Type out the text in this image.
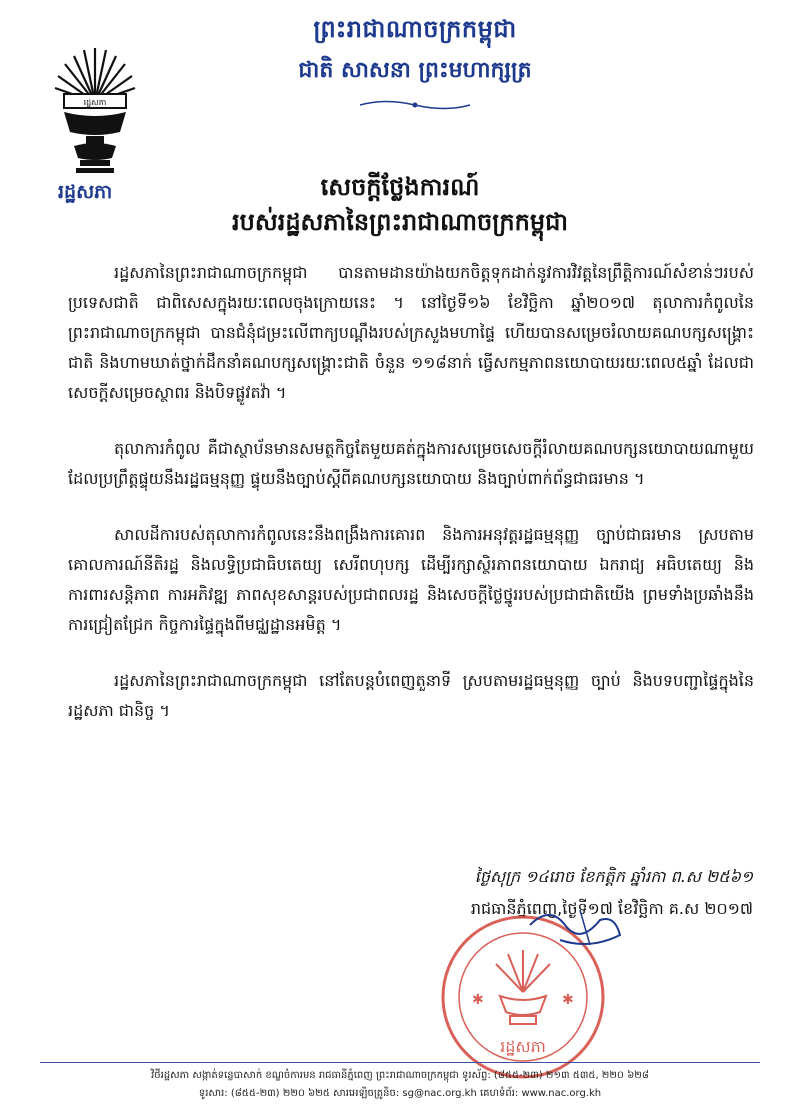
រដ្ឋសភា
រដ្ឋសភា
ព្រះរាជាណាចក្រកម្ពុជា
ជាតិ សាសនា ព្រះមហាក្សត្រ
សេចក្តីថ្លែងការណ៍
របស់រដ្ឋសភានៃព្រះរាជាណាចក្រកម្ពុជា

រដ្ឋសភានៃព្រះរាជាណាចក្រកម្ពុជា បានតាមដានយ៉ាងយកចិត្តទុកដាក់នូវការវិវត្តនៃព្រឹត្តិការណ៍សំខាន់ៗរបស់ប្រទេសជាតិ ជាពិសេសក្នុងរយៈពេលចុងក្រោយនេះ ។ នៅថ្ងៃទី១៦ ខែវិច្ឆិកា ឆ្នាំ២០១៧ តុលាការកំពូលនៃព្រះរាជាណាចក្រកម្ពុជា បានជំនុំជម្រះលើពាក្យបណ្តឹងរបស់ក្រសួងមហាផ្ទៃ ហើយបានសម្រេចរំលាយគណបក្សសង្គ្រោះជាតិ និងហាមឃាត់ថ្នាក់ដឹកនាំគណបក្សសង្គ្រោះជាតិ ចំនួន ១១៨នាក់ ធ្វើសកម្មភាពនយោបាយរយៈពេល៥ឆ្នាំ ដែលជាសេចក្តីសម្រេចស្ថាពរ និងបិទផ្លូវតវ៉ា ។

តុលាការកំពូល គឺជាស្ថាប័នមានសមត្ថកិច្ចតែមួយគត់ក្នុងការសម្រេចសេចក្តីរំលាយគណបក្សនយោបាយណាមួយដែលប្រព្រឹត្តផ្ទុយនឹងរដ្ឋធម្មនុញ្ញ ផ្ទុយនឹងច្បាប់ស្តីពីគណបក្សនយោបាយ និងច្បាប់ពាក់ព័ន្ធជាធរមាន ។

សាលដីការបស់តុលាការកំពូលនេះនឹងពង្រឹងការគោរព និងការអនុវត្តរដ្ឋធម្មនុញ្ញ ច្បាប់ជាធរមាន ស្របតាមគោលការណ៍នីតិរដ្ឋ និងលទ្ធិប្រជាធិបតេយ្យ សេរីពហុបក្ស ដើម្បីរក្សាស្ថិរភាពនយោបាយ ឯករាជ្យ អធិបតេយ្យ និងការពារសន្តិភាព ការអភិវឌ្ឍ ភាពសុខសាន្តរបស់ប្រជាពលរដ្ឋ និងសេចក្តីថ្លៃថ្នូររបស់ប្រជាជាតិយើង ព្រមទាំងប្រឆាំងនឹងការជ្រៀតជ្រែក កិច្ចការផ្ទៃក្នុងពីមជ្ឈដ្ឋានអមិត្ត ។

រដ្ឋសភានៃព្រះរាជាណាចក្រកម្ពុជា នៅតែបន្តបំពេញតួនាទី ស្របតាមរដ្ឋធម្មនុញ្ញ ច្បាប់ និងបទបញ្ជាផ្ទៃក្នុងនៃរដ្ឋសភា ជានិច្ច ។

ថ្ងៃសុក្រ ១៤រោច ខែកត្តិក ឆ្នាំរកា ព.ស ២៥៦១
រាជធានីភ្នំពេញ,ថ្ងៃទី១៧ ខែវិច្ឆិកា គ.ស ២០១៧
រដ្ឋសភា
✱	✱
វិថីរដ្ឋសភា សង្កាត់ទន្លេបាសាក់ ខណ្ឌចំការមន រាជធានីភ្នំពេញ ព្រះរាជាណាចក្រកម្ពុជា ទូរស័ព្ទ: (៨៥៥-២៣) ២១៣ ៥៣៥, ២២០ ៦២៨
ទូរសារ: (៨៥៥-២៣) ២២០ ៦២៥ សារអេឡិចត្រូនិច: sg@nac.org.kh គេហទំព័រ: www.nac.org.kh
